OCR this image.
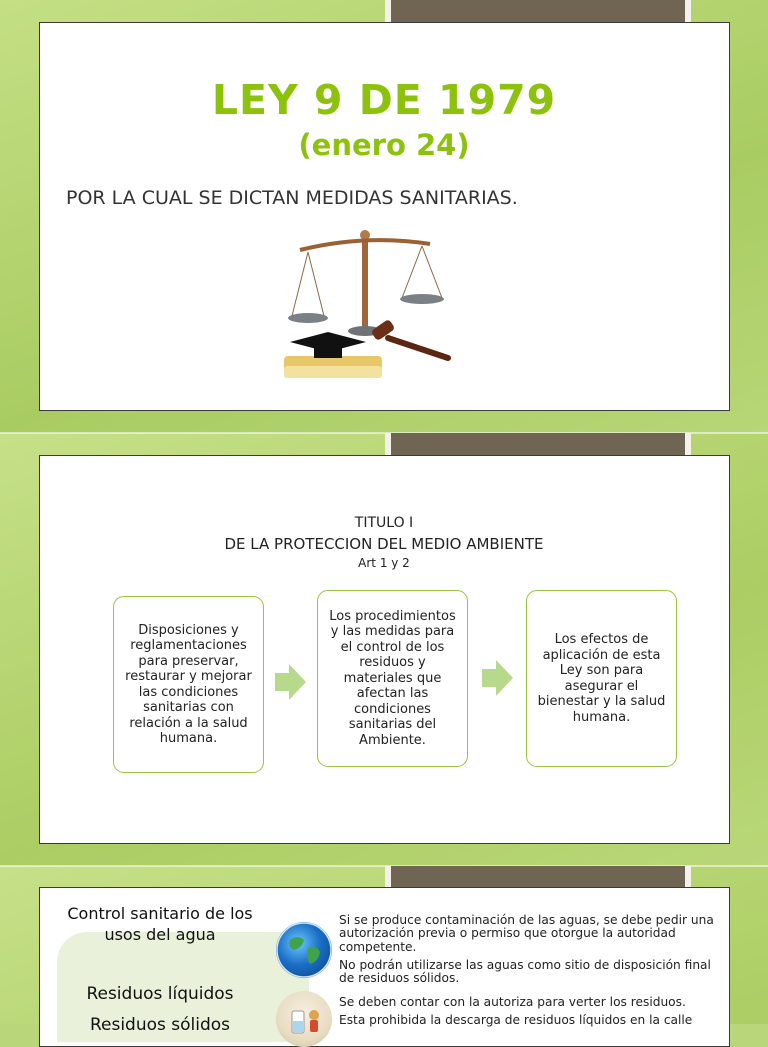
LEY 9 DE 1979
(enero 24)
POR LA CUAL SE DICTAN MEDIDAS SANITARIAS.
TITULO I
DE LA PROTECCION DEL MEDIO AMBIENTE
Art 1 y 2
Disposiciones y reglamentaciones para preservar, restaurar y mejorar las condiciones sanitarias con relación a la salud humana.
Los procedimientos y las medidas para el control de los residuos y materiales que afectan las condiciones sanitarias del Ambiente.
Los efectos de aplicación de esta Ley son para asegurar el bienestar y la salud humana.
Control sanitario de los usos del agua
Residuos líquidos
Residuos sólidos
Si se produce contaminación de las aguas, se debe pedir una autorización previa o permiso que otorgue la autoridad competente.
No podrán utilizarse las aguas como sitio de disposición final de residuos sólidos.
Se deben contar con la autoriza para verter los residuos.
Esta prohibida la descarga de residuos líquidos en la calle
